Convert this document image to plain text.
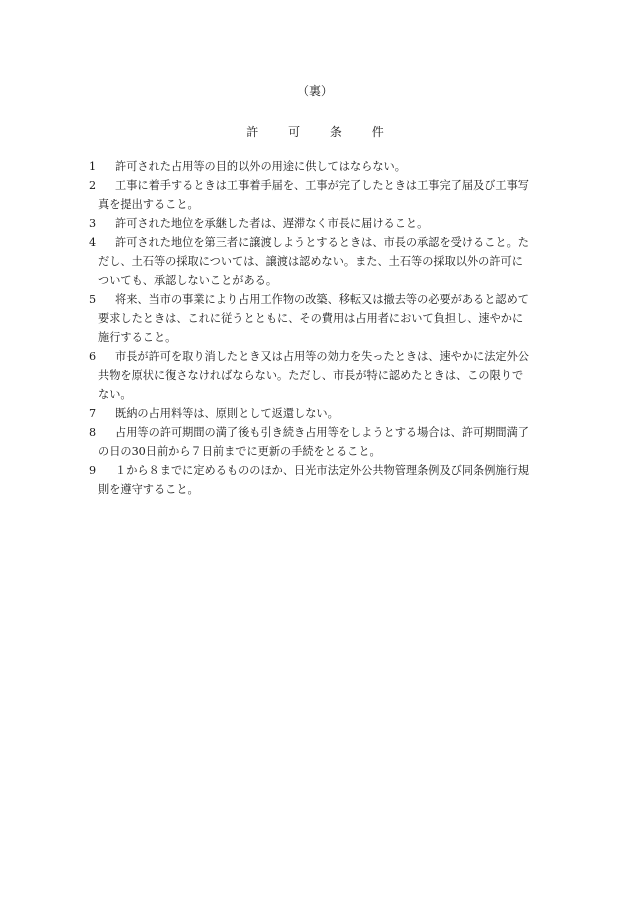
（裏）
許 可 条 件
1	許可された占用等の目的以外の用途に供してはならない。
2	工事に着手するときは工事着手届を、工事が完了したときは工事完了届及び工事写
真を提出すること。
3	許可された地位を承継した者は、遅滞なく市長に届けること。
4	許可された地位を第三者に譲渡しようとするときは、市長の承認を受けること。た
だし、土石等の採取については、譲渡は認めない。また、土石等の採取以外の許可に
ついても、承認しないことがある。
5	将来、当市の事業により占用工作物の改築、移転又は撤去等の必要があると認めて
要求したときは、これに従うとともに、その費用は占用者において負担し、速やかに
施行すること。
6	市長が許可を取り消したとき又は占用等の効力を失ったときは、速やかに法定外公
共物を原状に復さなければならない。ただし、市長が特に認めたときは、この限りで
ない。
7	既納の占用料等は、原則として返還しない。
8	占用等の許可期間の満了後も引き続き占用等をしようとする場合は、許可期間満了
の日の30日前から７日前までに更新の手続をとること。
9	１から８までに定めるもののほか、日光市法定外公共物管理条例及び同条例施行規
則を遵守すること。
